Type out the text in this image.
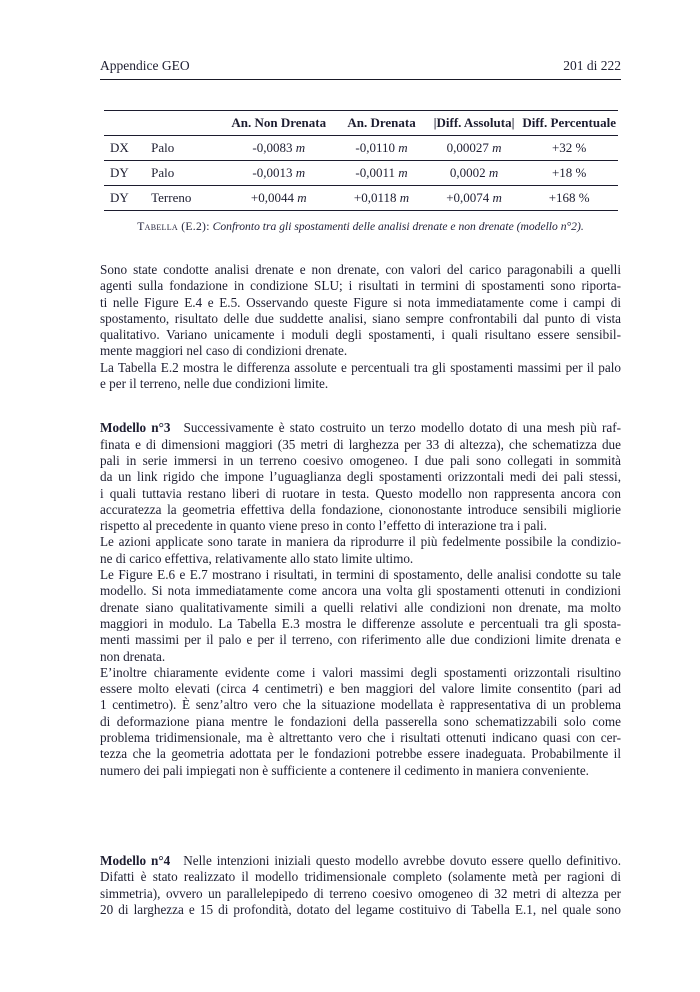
Appendice GEO	201 di 222
		An. Non Drenata	An. Drenata	|Diff. Assoluta|	Diff. Percentuale
DX	Palo	-0,0083 m	-0,0110 m	0,00027 m	+32 %
DY	Palo	-0,0013 m	-0,0011 m	0,0002 m	+18 %
DY	Terreno	+0,0044 m	+0,0118 m	+0,0074 m	+168 %
Tabella (E.2): Confronto tra gli spostamenti delle analisi drenate e non drenate (modello n°2).
Sono state condotte analisi drenate e non drenate, con valori del carico paragonabili a quelli
agenti sulla fondazione in condizione SLU; i risultati in termini di spostamenti sono riporta-
ti nelle Figure E.4 e E.5. Osservando queste Figure si nota immediatamente come i campi di
spostamento, risultato delle due suddette analisi, siano sempre confrontabili dal punto di vista
qualitativo. Variano unicamente i moduli degli spostamenti, i quali risultano essere sensibil-
mente maggiori nel caso di condizioni drenate.
La Tabella E.2 mostra le differenza assolute e percentuali tra gli spostamenti massimi per il palo
e per il terreno, nelle due condizioni limite.
Modello n°3 Successivamente è stato costruito un terzo modello dotato di una mesh più raf-
finata e di dimensioni maggiori (35 metri di larghezza per 33 di altezza), che schematizza due
pali in serie immersi in un terreno coesivo omogeneo. I due pali sono collegati in sommità
da un link rigido che impone l’uguaglianza degli spostamenti orizzontali medi dei pali stessi,
i quali tuttavia restano liberi di ruotare in testa. Questo modello non rappresenta ancora con
accuratezza la geometria effettiva della fondazione, ciononostante introduce sensibili migliorie
rispetto al precedente in quanto viene preso in conto l’effetto di interazione tra i pali.
Le azioni applicate sono tarate in maniera da riprodurre il più fedelmente possibile la condizio-
ne di carico effettiva, relativamente allo stato limite ultimo.
Le Figure E.6 e E.7 mostrano i risultati, in termini di spostamento, delle analisi condotte su tale
modello. Si nota immediatamente come ancora una volta gli spostamenti ottenuti in condizioni
drenate siano qualitativamente simili a quelli relativi alle condizioni non drenate, ma molto
maggiori in modulo. La Tabella E.3 mostra le differenze assolute e percentuali tra gli sposta-
menti massimi per il palo e per il terreno, con riferimento alle due condizioni limite drenata e
non drenata.
E’inoltre chiaramente evidente come i valori massimi degli spostamenti orizzontali risultino
essere molto elevati (circa 4 centimetri) e ben maggiori del valore limite consentito (pari ad
1 centimetro). È senz’altro vero che la situazione modellata è rappresentativa di un problema
di deformazione piana mentre le fondazioni della passerella sono schematizzabili solo come
problema tridimensionale, ma è altrettanto vero che i risultati ottenuti indicano quasi con cer-
tezza che la geometria adottata per le fondazioni potrebbe essere inadeguata. Probabilmente il
numero dei pali impiegati non è sufficiente a contenere il cedimento in maniera conveniente.
Modello n°4 Nelle intenzioni iniziali questo modello avrebbe dovuto essere quello definitivo.
Difatti è stato realizzato il modello tridimensionale completo (solamente metà per ragioni di
simmetria), ovvero un parallelepipedo di terreno coesivo omogeneo di 32 metri di altezza per
20 di larghezza e 15 di profondità, dotato del legame costituivo di Tabella E.1, nel quale sono
